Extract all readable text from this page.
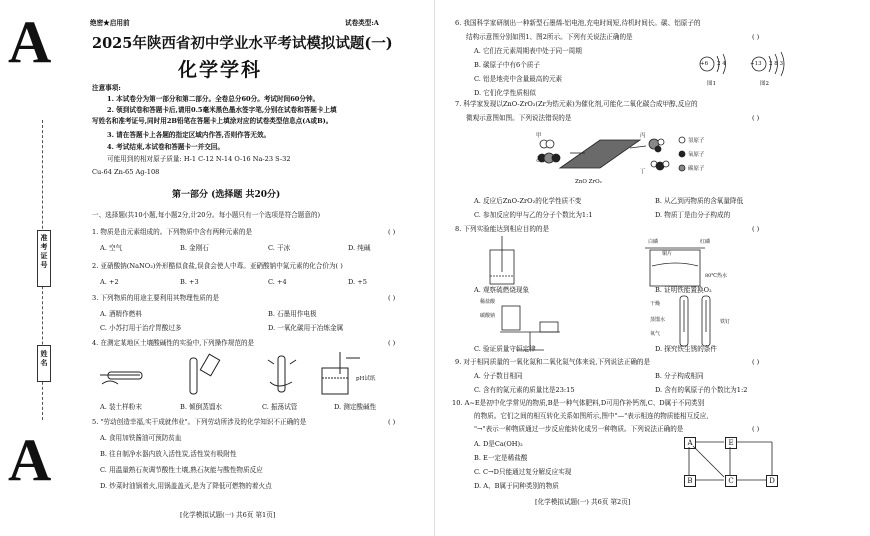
A
A
准考证号
姓名
绝密★启用前	试卷类型:A
2025年陕西省初中学业水平考试模拟试题(一)
化学学科
注意事项:
1. 本试卷分为第一部分和第二部分。全卷总分60分。考试时间60分钟。
2. 领到试卷和答题卡后,请用0.5毫米黑色墨水签字笔,分别在试卷和答题卡上填
写姓名和准考证号,同时用2B铅笔在答题卡上填涂对应的试卷类型信息点(A或B)。
3. 请在答题卡上各题的指定区域内作答,否则作答无效。
4. 考试结束,本试卷和答题卡一并交回。
可能用到的相对原子质量: H-1 C-12 N-14 O-16 Na-23 S-32
Cu-64 Zn-65 Ag-108
第一部分 (选择题 共20分)
一、选择题(共10小题,每小题2分,计20分。每小题只有一个选项是符合题意的)
1. 物质是由元素组成的。下列物质中含有两种元素的是	( )
A. 空气	B. 金刚石	C. 干冰	D. 纯碱
2. 亚硝酸钠(NaNO₂)外形酷似食盐,误食会使人中毒。亚硝酸钠中氮元素的化合价为( )
A. +2	B. +3	C. +4	D. +5
3. 下列物质的用途主要利用其物理性质的是	( )
A. 酒精作燃料	B. 石墨用作电极
C. 小苏打用于治疗胃酸过多	D. 一氧化碳用于冶炼金属
4. 在测定某地区土壤酸碱性的实验中,下列操作规范的是	( )
pH试纸
A. 装土样粉末	B. 倾倒蒸馏水	C. 振荡试管	D. 测定酸碱性
5. "劳动创造幸福,实干成就伟业"。下列劳动所涉及的化学知识不正确的是	( )
A. 食用加铁酱油可预防贫血
B. 往自制净水器内放入活性炭,活性炭有吸附性
C. 用温量熟石灰调节酸性土壤,熟石灰能与酸性物质反应
D. 炒菜时油锅着火,用锅盖盖灭,是为了降低可燃物的着火点
[化学模拟试题(一) 共6页 第1页]
6. 我国科学家研制出一种新型石墨烯-铝电池,充电时间短,待机时间长。碳、铝原子的
结构示意图分别如图1、图2所示。下列有关说法正确的是	( )
A. 它们在元素周期表中处于同一周期
B. 碳原子中有6个质子
C. 铝是地壳中含量最高的元素
D. 它们化学性质相似
+6 2 4	+13 2 8 3
图1	图2
7. 科学家发现以ZnO-ZrO₂(Zr为锆元素)为催化剂,可能化二氧化碳合成甲醇,反应的
微观示意图如图。下列说法错误的是	( )
氢原子
氧原子
碳原子
ZnO ZrO₂
甲
乙
丙
丁
A. 反应后ZnO-ZrO₂的化学性质不变	B. 从乙到丙物质的含氧量降低
C. 参加反应的甲与乙的分子个数比为1:1	D. 物质丁是由分子构成的
8. 下列实验能达到相应目的的是	( )
白磷	红磷
铜片
80℃热水
稀盐酸
碳酸钠
干燥
蒸馏水
氧气
铁钉
A. 观察硫燃烧现象	B. 证明铁能置换O₂
C. 验证质量守恒定律	D. 探究铁生锈的条件
9. 对于相同质量的一氧化氮和二氧化氮气体来说,下列说法正确的是	( )
A. 分子数目相同	B. 分子构成相同
C. 含有的氮元素的质量比是23:15	D. 含有的氧原子的个数比为1:2
10. A~E是初中化学常见的物质,B是一种气体肥料,D可用作补钙剂,C、D属于不同类别
的物质。它们之间的相互转化关系如图所示,图中"—"表示相连的物质能相互反应,
"→"表示一种物质通过一步反应能转化成另一种物质。下列说法正确的是	( )
A. D是Ca(OH)₂
B. E一定是稀盐酸
C. C→D只能通过复分解反应实现
D. A、B属于同种类别的物质
A	E
B	C	D
[化学模拟试题(一) 共6页 第2页]
